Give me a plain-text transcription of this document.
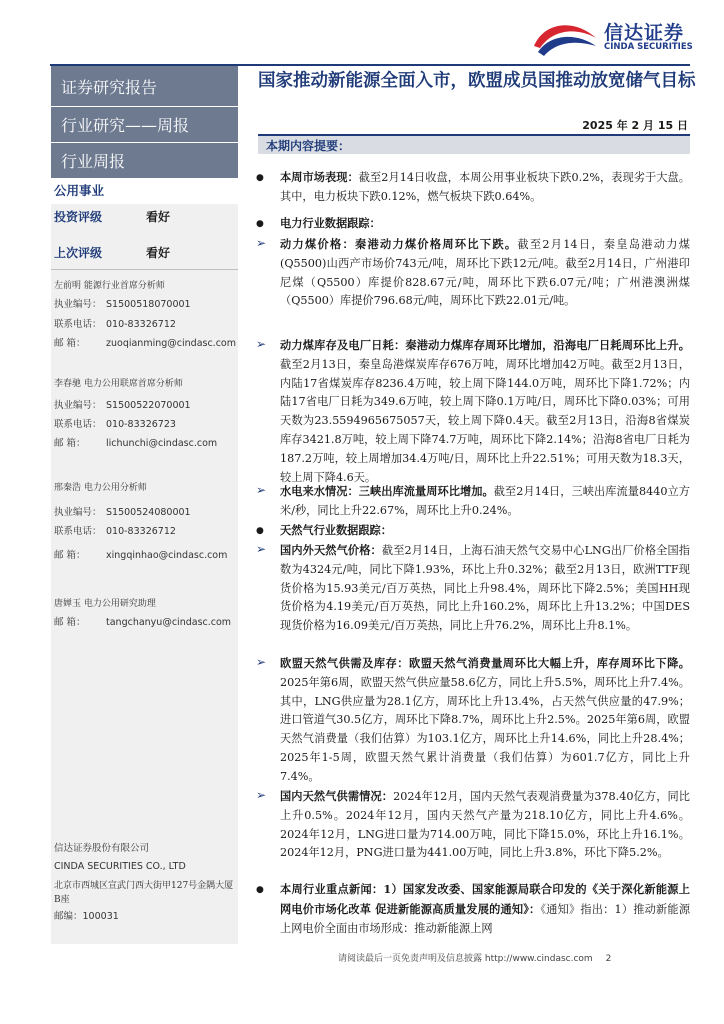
信达证券
CINDA SECURITIES
证券研究报告
行业研究——周报
行业周报
公用事业
投资评级	看好
上次评级	看好
左前明 能源行业首席分析师
执业编号： S1500518070001
联系电话： 010-83326712
邮 箱： zuoqianming@cindasc.com
李春驰 电力公用联席首席分析师
执业编号： S1500522070001
联系电话： 010-83326723
邮 箱： lichunchi@cindasc.com
邢秦浩 电力公用分析师
执业编号： S1500524080001
联系电话： 010-83326712
邮 箱： xingqinhao@cindasc.com
唐婵玉 电力公用研究助理
邮 箱： tangchanyu@cindasc.com
信达证券股份有限公司
CINDA SECURITIES CO., LTD
北京市西城区宣武门西大街甲127号金隅大厦
B座
邮编：100031
国家推动新能源全面入市，欧盟成员国推动放宽储气目标
2025 年 2 月 15 日
本期内容提要：
● 本周市场表现：截至2月14日收盘，本周公用事业板块下跌0.2%，表现劣于大盘。其中，电力板块下跌0.12%，燃气板块下跌0.64%。
● 电力行业数据跟踪：
➢ 动力煤价格：秦港动力煤价格周环比下跌。截至2月14日，秦皇岛港动力煤(Q5500)山西产市场价743元/吨，周环比下跌12元/吨。截至2月14日，广州港印尼煤（Q5500）库提价828.67元/吨，周环比下跌6.07元/吨；广州港澳洲煤（Q5500）库提价796.68元/吨，周环比下跌22.01元/吨。
➢ 动力煤库存及电厂日耗：秦港动力煤库存周环比增加，沿海电厂日耗周环比上升。截至2月13日，秦皇岛港煤炭库存676万吨，周环比增加42万吨。截至2月13日，内陆17省煤炭库存8236.4万吨，较上周下降144.0万吨，周环比下降1.72%；内陆17省电厂日耗为349.6万吨，较上周下降0.1万吨/日，周环比下降0.03%；可用天数为23.5594965675057天，较上周下降0.4天。截至2月13日，沿海8省煤炭库存3421.8万吨，较上周下降74.7万吨，周环比下降2.14%；沿海8省电厂日耗为187.2万吨，较上周增加34.4万吨/日，周环比上升22.51%；可用天数为18.3天，较上周下降4.6天。
➢ 水电来水情况：三峡出库流量周环比增加。截至2月14日，三峡出库流量8440立方米/秒，同比上升22.67%，周环比上升0.24%。
● 天然气行业数据跟踪：
➢ 国内外天然气价格：截至2月14日，上海石油天然气交易中心LNG出厂价格全国指数为4324元/吨，同比下降1.93%，环比上升0.32%；截至2月13日，欧洲TTF现货价格为15.93美元/百万英热，同比上升98.4%，周环比下降2.5%；美国HH现货价格为4.19美元/百万英热，同比上升160.2%，周环比上升13.2%；中国DES现货价格为16.09美元/百万英热，同比上升76.2%，周环比上升8.1%。
➢ 欧盟天然气供需及库存：欧盟天然气消费量周环比大幅上升，库存周环比下降。2025年第6周，欧盟天然气供应量58.6亿方，同比上升5.5%，周环比上升7.4%。其中，LNG供应量为28.1亿方，周环比上升13.4%，占天然气供应量的47.9%；进口管道气30.5亿方，周环比下降8.7%，周环比上升2.5%。2025年第6周，欧盟天然气消费量（我们估算）为103.1亿方，周环比上升14.6%，同比上升28.4%；2025年1-5周，欧盟天然气累计消费量（我们估算）为601.7亿方，同比上升7.4%。
➢ 国内天然气供需情况：2024年12月，国内天然气表观消费量为378.40亿方，同比上升0.5%。2024年12月，国内天然气产量为218.10亿方，同比上升4.6%。2024年12月，LNG进口量为714.00万吨，同比下降15.0%，环比上升16.1%。2024年12月，PNG进口量为441.00万吨，同比上升3.8%，环比下降5.2%。
● 本周行业重点新闻：1）国家发改委、国家能源局联合印发的《关于深化新能源上网电价市场化改革 促进新能源高质量发展的通知》：《通知》指出：1）推动新能源上网电价全面由市场形成：推动新能源上网
请阅读最后一页免责声明及信息披露 http://www.cindasc.com 2
